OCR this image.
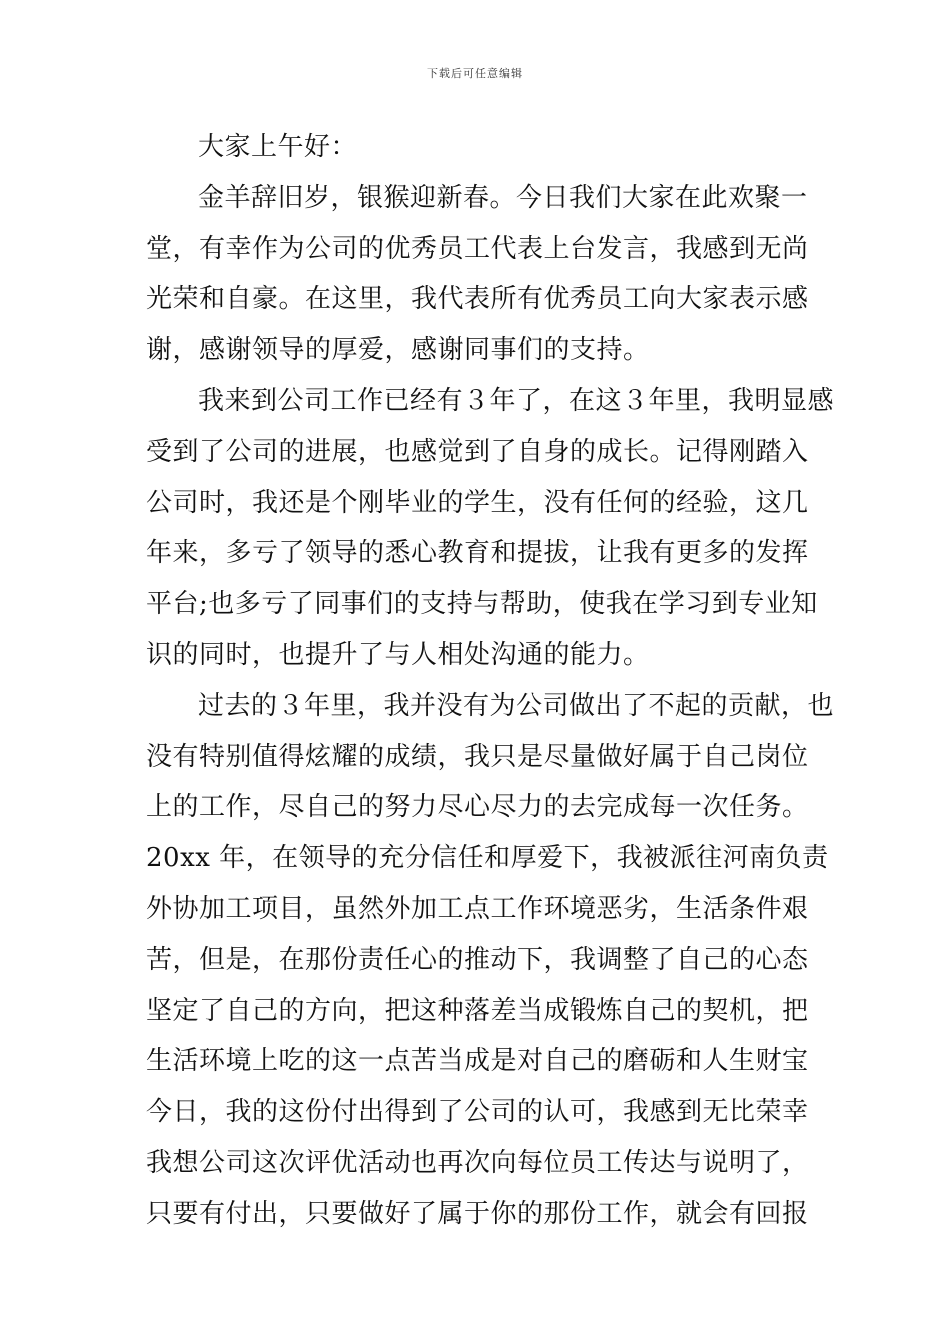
下载后可任意编辑
大家上午好：
金羊辞旧岁，银猴迎新春。今日我们大家在此欢聚一
堂，有幸作为公司的优秀员工代表上台发言，我感到无尚
光荣和自豪。在这里，我代表所有优秀员工向大家表示感
谢，感谢领导的厚爱，感谢同事们的支持。
我来到公司工作已经有３年了，在这３年里，我明显感
受到了公司的进展，也感觉到了自身的成长。记得刚踏入
公司时，我还是个刚毕业的学生，没有任何的经验，这几
年来，多亏了领导的悉心教育和提拔，让我有更多的发挥
平台;也多亏了同事们的支持与帮助，使我在学习到专业知
识的同时，也提升了与人相处沟通的能力。
过去的３年里，我并没有为公司做出了不起的贡献，也
没有特别值得炫耀的成绩，我只是尽量做好属于自己岗位
上的工作，尽自己的努力尽心尽力的去完成每一次任务。
20xx 年，在领导的充分信任和厚爱下，我被派往河南负责
外协加工项目，虽然外加工点工作环境恶劣，生活条件艰
苦，但是，在那份责任心的推动下，我调整了自己的心态
坚定了自己的方向，把这种落差当成锻炼自己的契机，把
生活环境上吃的这一点苦当成是对自己的磨砺和人生财宝
今日，我的这份付出得到了公司的认可，我感到无比荣幸
我想公司这次评优活动也再次向每位员工传达与说明了，
只要有付出，只要做好了属于你的那份工作，就会有回报
